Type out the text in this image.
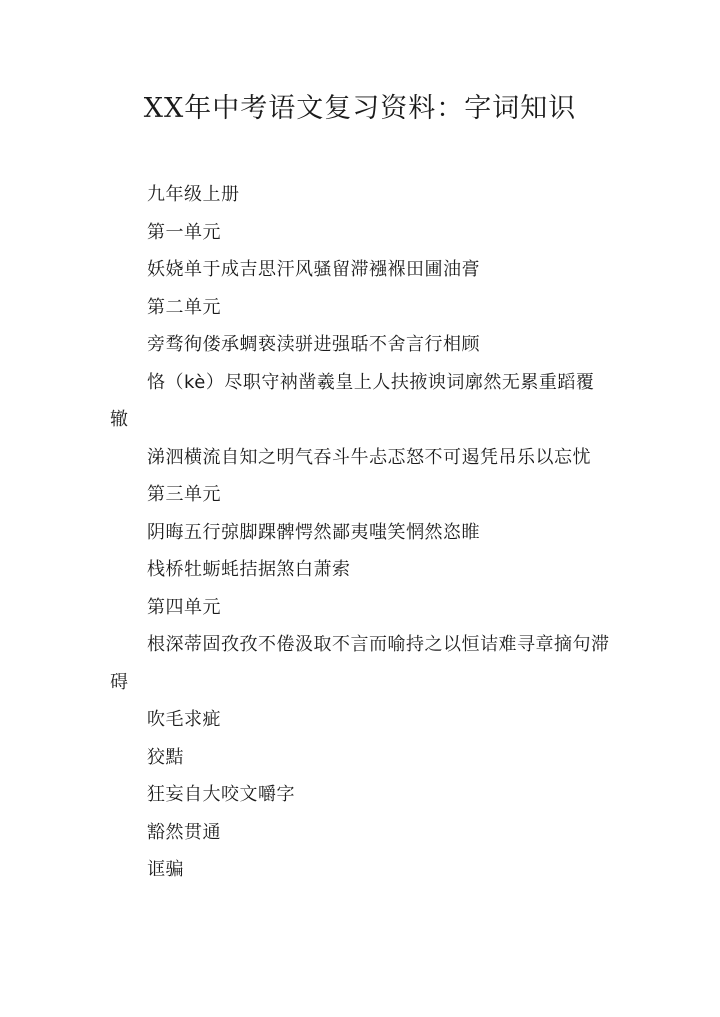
XX年中考语文复习资料：字词知识

九年级上册

第一单元

妖娆单于成吉思汗风骚留滞襁褓田圃油膏

第二单元

旁骛徇偻承蜩亵渎骈进强聒不舍言行相顾

恪（kè）尽职守衲凿羲皇上人扶掖谀词廓然无累重蹈覆辙

涕泗横流自知之明气吞斗牛忐忑怒不可遏凭吊乐以忘忧

第三单元

阴晦五行弶脚踝髀愕然鄙夷嗤笑惘然恣睢

栈桥牡蛎蚝拮据煞白萧索

第四单元

根深蒂固孜孜不倦汲取不言而喻持之以恒诘难寻章摘句滞碍

吹毛求疵

狡黠

狂妄自大咬文嚼字

豁然贯通

诓骗
